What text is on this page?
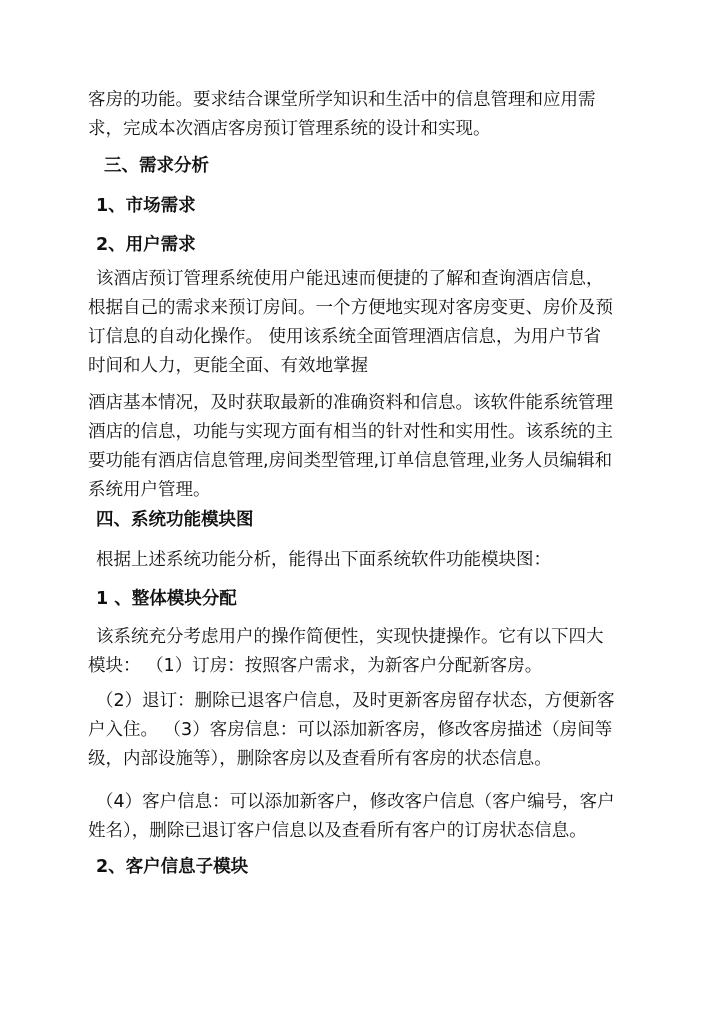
客房的功能。要求结合课堂所学知识和生活中的信息管理和应用需
求，完成本次酒店客房预订管理系统的设计和实现。
三、需求分析
1、市场需求
2、用户需求
该酒店预订管理系统使用户能迅速而便捷的了解和查询酒店信息，
根据自己的需求来预订房间。一个方便地实现对客房变更、房价及预
订信息的自动化操作。 使用该系统全面管理酒店信息，为用户节省
时间和人力，更能全面、有效地掌握
酒店基本情况，及时获取最新的准确资料和信息。该软件能系统管理
酒店的信息，功能与实现方面有相当的针对性和实用性。该系统的主
要功能有酒店信息管理,房间类型管理,订单信息管理,业务人员编辑和
系统用户管理。
四、系统功能模块图
根据上述系统功能分析，能得出下面系统软件功能模块图：
1 、整体模块分配
该系统充分考虑用户的操作简便性，实现快捷操作。它有以下四大
模块： （1）订房：按照客户需求，为新客户分配新客房。
（2）退订：删除已退客户信息，及时更新客房留存状态，方便新客
户入住。 （3）客房信息：可以添加新客房，修改客房描述（房间等
级，内部设施等），删除客房以及查看所有客房的状态信息。
（4）客户信息：可以添加新客户，修改客户信息（客户编号，客户
姓名），删除已退订客户信息以及查看所有客户的订房状态信息。
2、客户信息子模块
